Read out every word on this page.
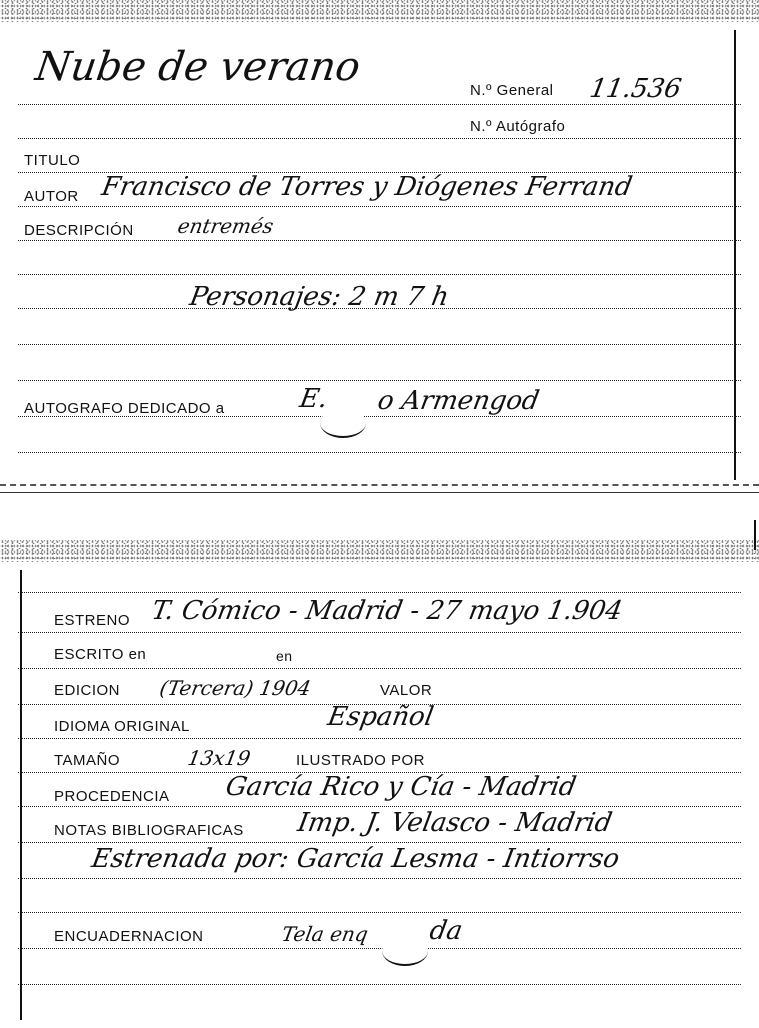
Nube de verano
N.º General 11.536
N.º Autógrafo
TITULO
AUTOR Francisco de Torres y Diógenes Ferrand
DESCRIPCIÓN entremés
Personajes: 2 m 7 h
AUTOGRAFO DEDICADO a	E. o Armengod
ESTRENO T. Cómico - Madrid - 27 mayo 1.904
ESCRITO en	en
EDICION (Tercera) 1904	VALOR
IDIOMA ORIGINAL	Español
TAMAÑO	13x19	ILUSTRADO POR
PROCEDENCIA García Rico y Cía - Madrid
NOTAS BIBLIOGRAFICAS Imp. J. Velasco - Madrid
Estrenada por: García Lesma - Intiorrso
ENCUADERNACION	Tela enq da
